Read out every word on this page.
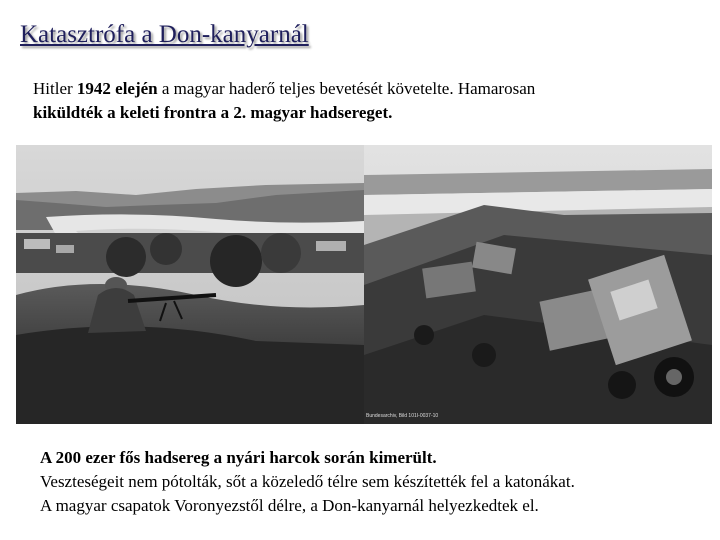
Katasztrófa a Don-kanyarnál
Hitler 1942 elején a magyar haderő teljes bevetését követelte. Hamarosan
kiküldték a keleti frontra a 2. magyar hadsereget.
Bundesarchiv, Bild 101I-0037-10
A 200 ezer fős hadsereg a nyári harcok során kimerült.
Veszteségeit nem pótolták, sőt a közeledő télre sem készítették fel a katonákat.
A magyar csapatok Voronyezstől délre, a Don-kanyarnál helyezkedtek el.
